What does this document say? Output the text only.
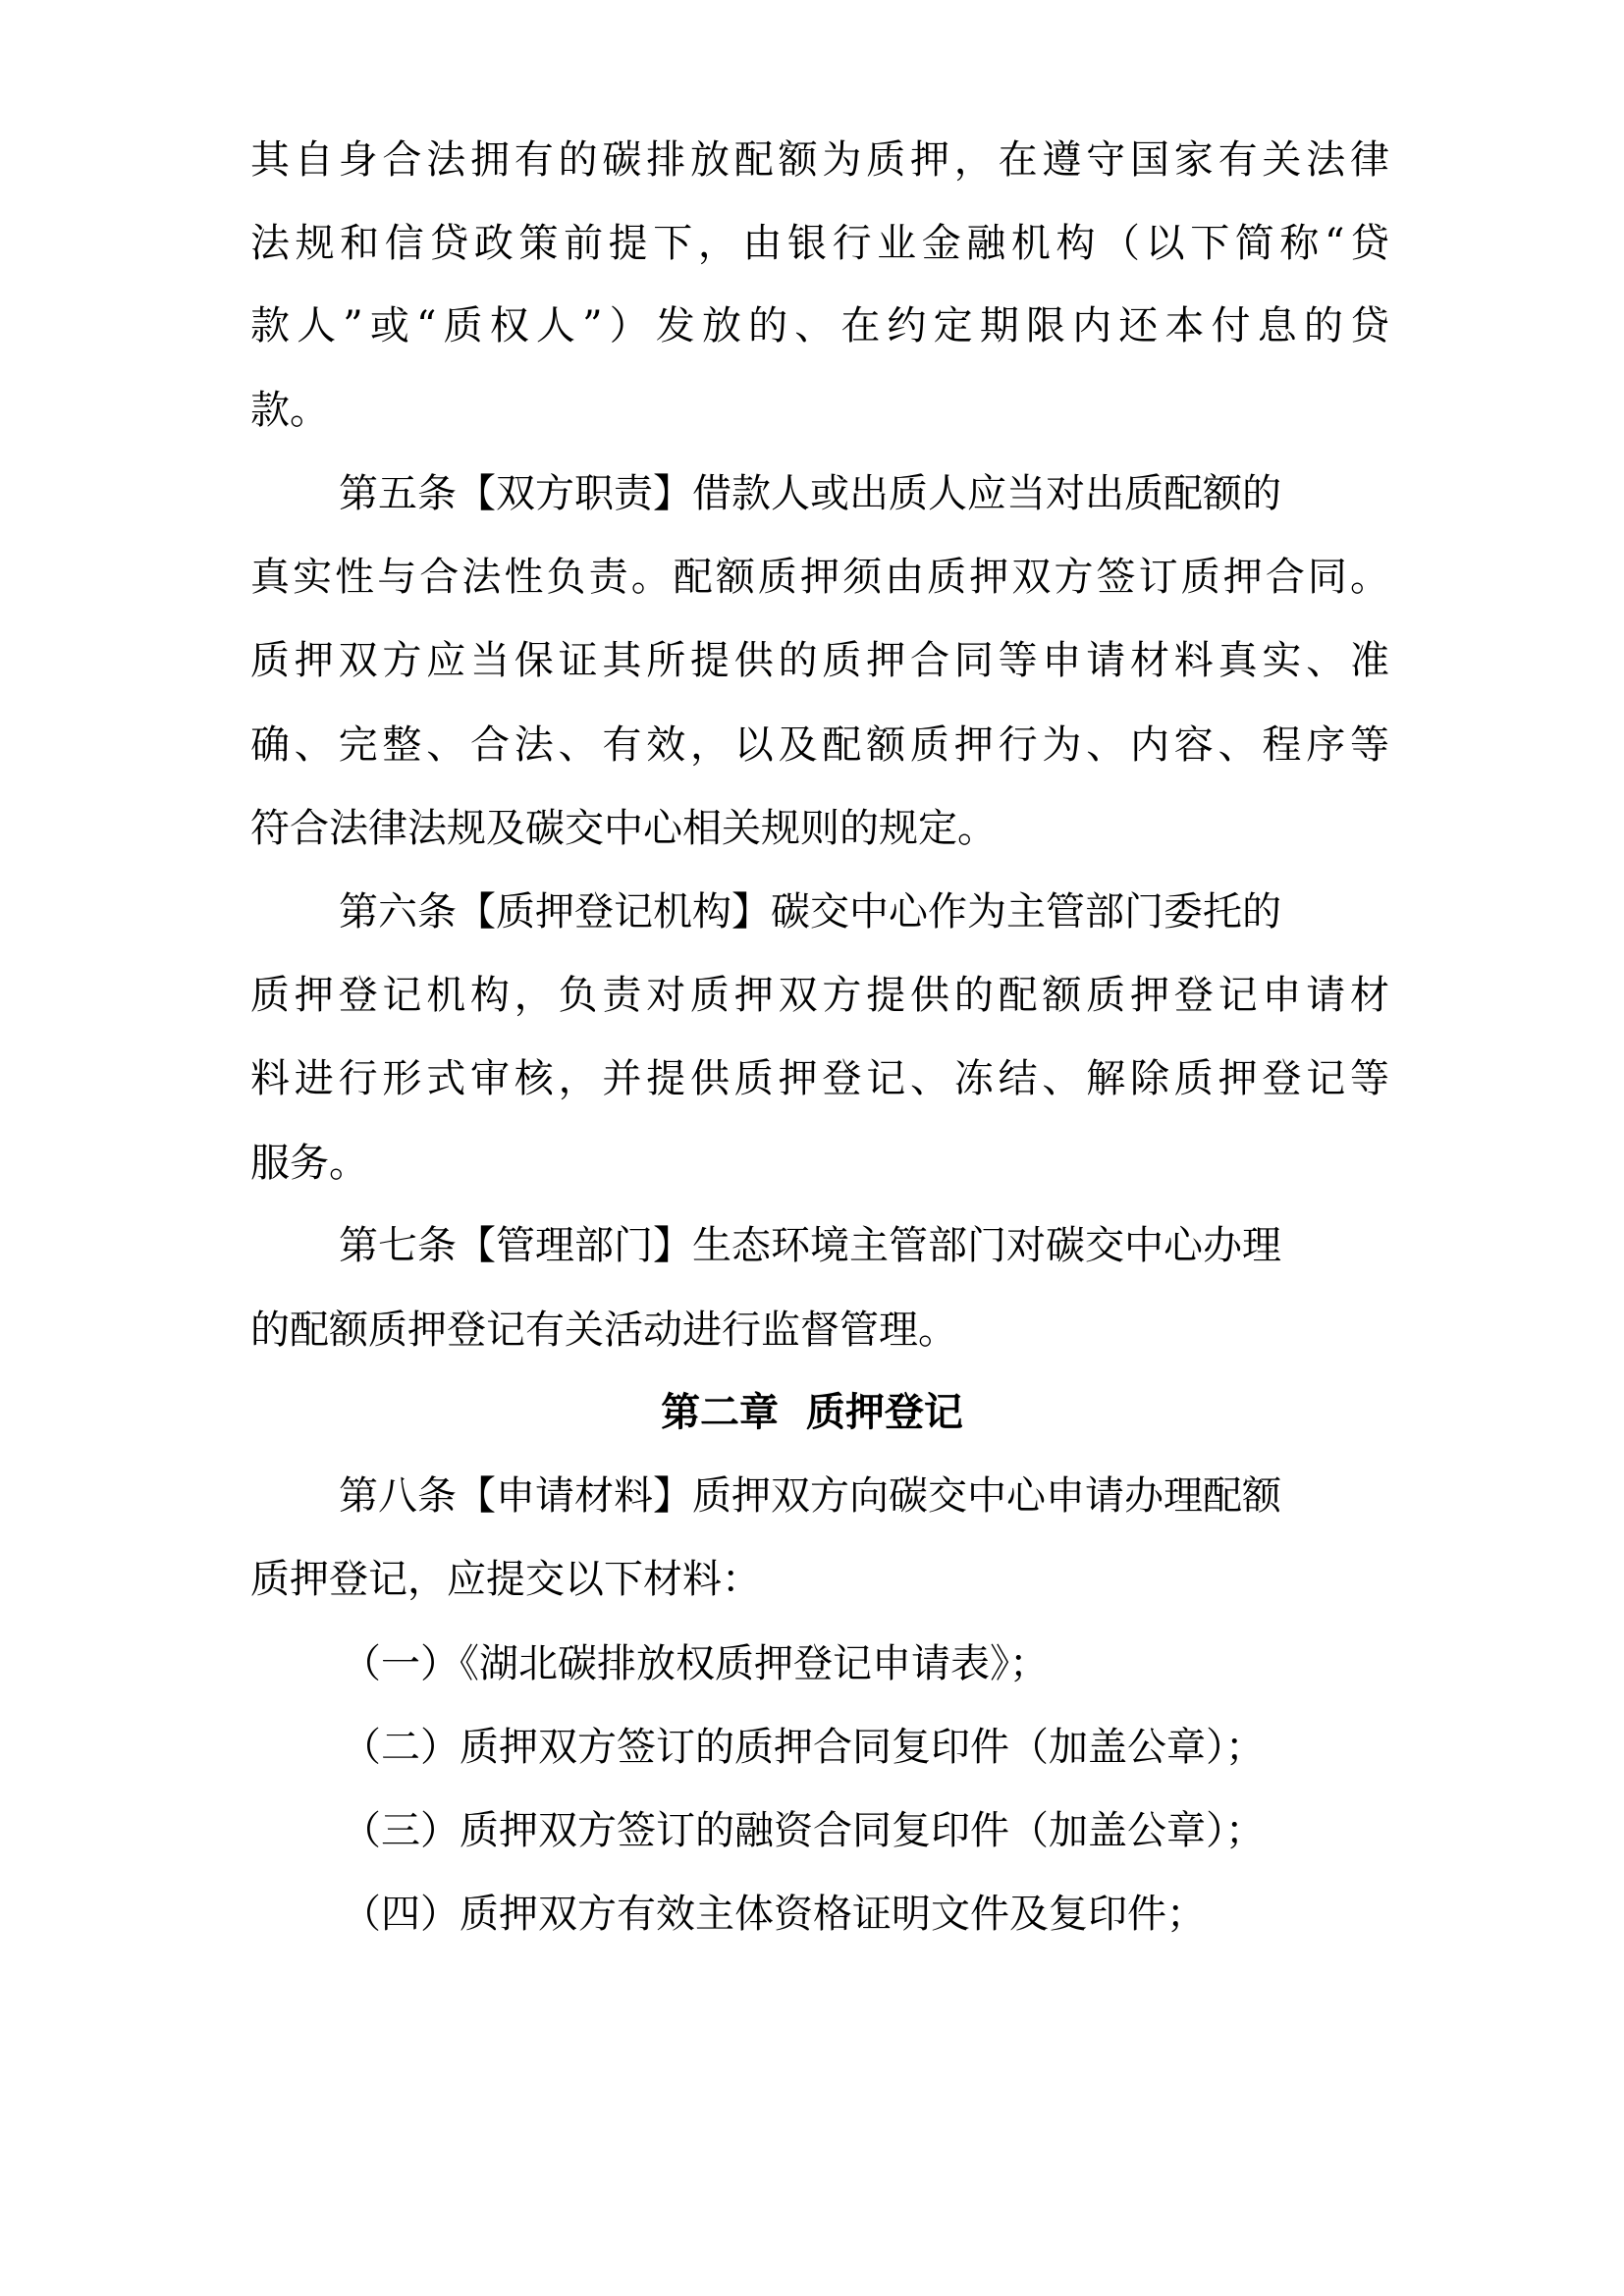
其自身合法拥有的碳排放配额为质押，在遵守国家有关法律
法规和信贷政策前提下，由银行业金融机构（以下简称“贷
款人”或“质权人”）发放的、在约定期限内还本付息的贷
款。
第五条【双方职责】借款人或出质人应当对出质配额的
真实性与合法性负责。配额质押须由质押双方签订质押合同。
质押双方应当保证其所提供的质押合同等申请材料真实、准
确、完整、合法、有效，以及配额质押行为、内容、程序等
符合法律法规及碳交中心相关规则的规定。
第六条【质押登记机构】碳交中心作为主管部门委托的
质押登记机构，负责对质押双方提供的配额质押登记申请材
料进行形式审核，并提供质押登记、冻结、解除质押登记等
服务。
第七条【管理部门】生态环境主管部门对碳交中心办理
的配额质押登记有关活动进行监督管理。
第二章  质押登记
第八条【申请材料】质押双方向碳交中心申请办理配额
质押登记，应提交以下材料：
（一）《湖北碳排放权质押登记申请表》；
（二）质押双方签订的质押合同复印件（加盖公章）；
（三）质押双方签订的融资合同复印件（加盖公章）；
（四）质押双方有效主体资格证明文件及复印件；
